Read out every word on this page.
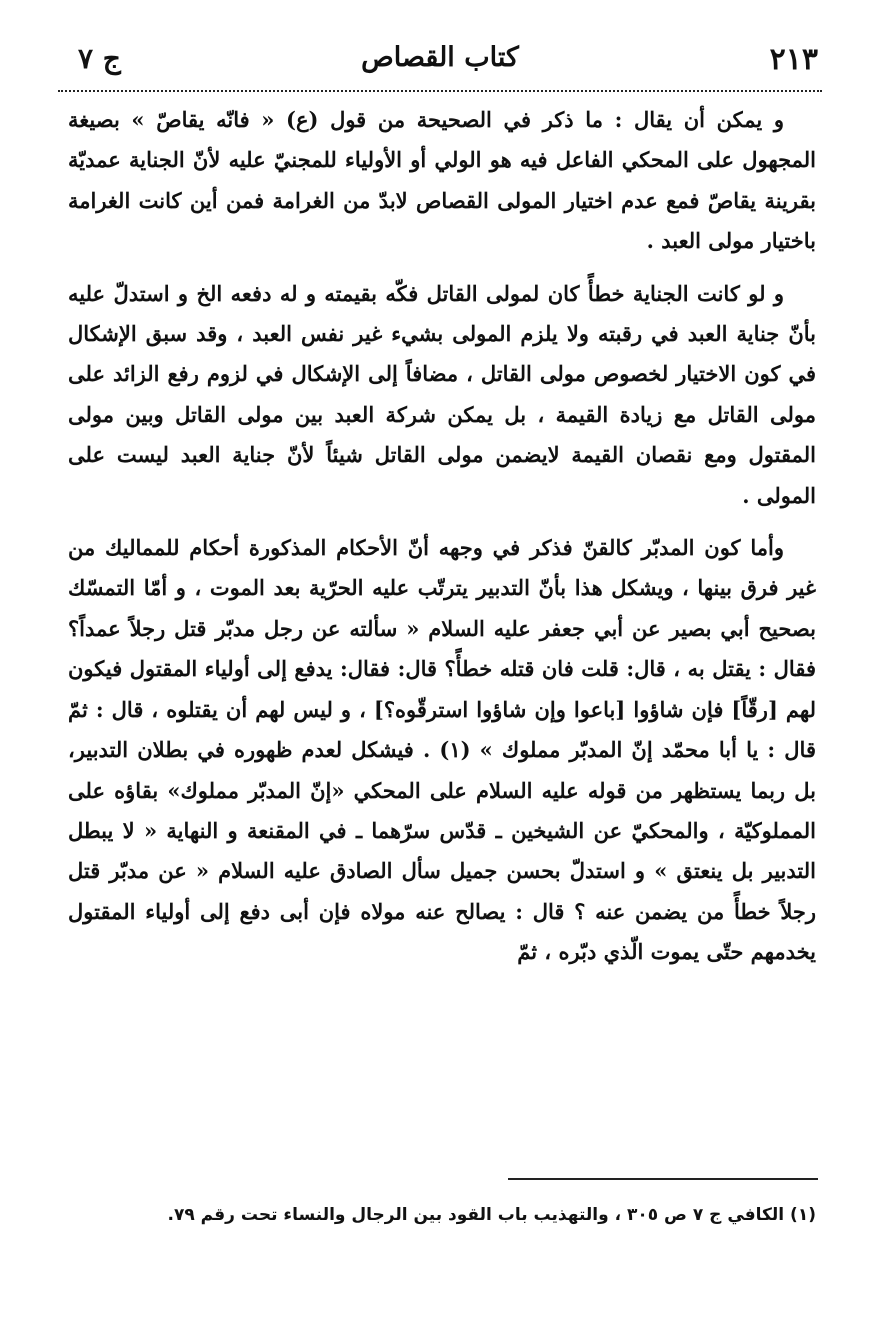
٢١٣
كتاب القصاص
ج ٧

و يمكن أن يقال : ما ذكر في الصحيحة من قول (ع) « فانّه يقاصّ » بصيغة المجهول على المحكي الفاعل فيه هو الولي أو الأولياء للمجنيّ عليه لأنّ الجناية عمديّة بقرينة يقاصّ فمع عدم اختيار المولى القصاص لابدّ من الغرامة فمن أين كانت الغرامة باختيار مولى العبد .

و لو كانت الجناية خطأً كان لمولى القاتل فكّه بقيمته و له دفعه الخ و استدلّ عليه بأنّ جناية العبد في رقبته ولا يلزم المولى بشيء غير نفس العبد ، وقد سبق الإشكال في كون الاختيار لخصوص مولى القاتل ، مضافاً إلى الإشكال في لزوم رفع الزائد على مولى القاتل مع زيادة القيمة ، بل يمكن شركة العبد بين مولى القاتل وبين مولى المقتول ومع نقصان القيمة لايضمن مولى القاتل شيئاً لأنّ جناية العبد ليست على المولى .

وأما كون المدبّر كالقنّ فذكر في وجهه أنّ الأحكام المذكورة أحكام للمماليك من غير فرق بينها ، ويشكل هذا بأنّ التدبير يترتّب عليه الحرّية بعد الموت ، و أمّا التمسّك بصحيح أبي بصير عن أبي جعفر عليه السلام « سألته عن رجل مدبّر قتل رجلاً عمداً؟ فقال : يقتل به ، قال: قلت فان قتله خطأً؟ قال: فقال: يدفع إلى أولياء المقتول فيكون لهم [رقّاً] فإن شاؤوا [باعوا وإن شاؤوا استرقّوه؟] ، و ليس لهم أن يقتلوه ، قال : ثمّ قال : يا أبا محمّد إنّ المدبّر مملوك » (١) . فيشكل لعدم ظهوره في بطلان التدبير، بل ربما يستظهر من قوله عليه السلام على المحكي «إنّ المدبّر مملوك» بقاؤه على المملوكيّة ، والمحكيّ عن الشيخين ـ قدّس سرّهما ـ في المقنعة و النهاية « لا يبطل التدبير بل ينعتق » و استدلّ بحسن جميل سأل الصادق عليه السلام « عن مدبّر قتل رجلاً خطأً من يضمن عنه ؟ قال : يصالح عنه مولاه فإن أبى دفع إلى أولياء المقتول يخدمهم حتّى يموت الّذي دبّره ، ثمّ

(١) الكافي ج ٧ ص ٣٠٥ ، والتهذيب باب القود بين الرجال والنساء تحت رقم ٧٩.
